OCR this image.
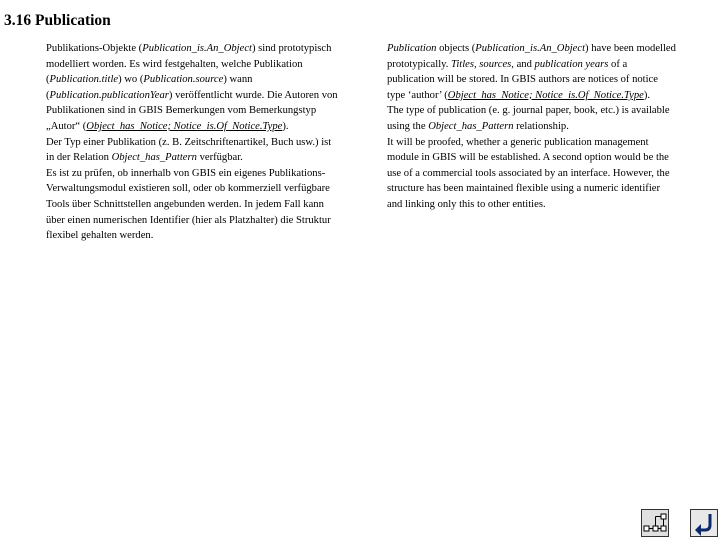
3.16 Publication

Publikations-Objekte (Publication_is.An_Object) sind prototypisch modelliert worden. Es wird festgehalten, welche Publikation (Publication.title) wo (Publication.source) wann (Publication.publicationYear) veröffentlicht wurde. Die Autoren von Publikationen sind in GBIS Bemerkungen vom Bemerkungstyp „Autor“ (Object_has_Notice; Notice_is.Of_Notice.Type).

Der Typ einer Publikation (z. B. Zeitschriftenartikel, Buch usw.) ist in der Relation Object_has_Pattern verfügbar.

Es ist zu prüfen, ob innerhalb von GBIS ein eigenes Publikations-Verwaltungsmodul existieren soll, oder ob kommerziell verfügbare Tools über Schnittstellen angebunden werden. In jedem Fall kann über einen numerischen Identifier (hier als Platzhalter) die Struktur flexibel gehalten werden.

Publication objects (Publication_is.An_Object) have been modelled prototypically. Titles, sources, and publication years of a publication will be stored. In GBIS authors are notices of notice type ‘author’ (Object_has_Notice; Notice_is.Of_Notice.Type).

The type of publication (e. g. journal paper, book, etc.) is available using the Object_has_Pattern relationship.

It will be proofed, whether a generic publication management module in GBIS will be established. A second option would be the use of a commercial tools associated by an interface. However, the structure has been maintained flexible using a numeric identifier and linking only this to other entities.
